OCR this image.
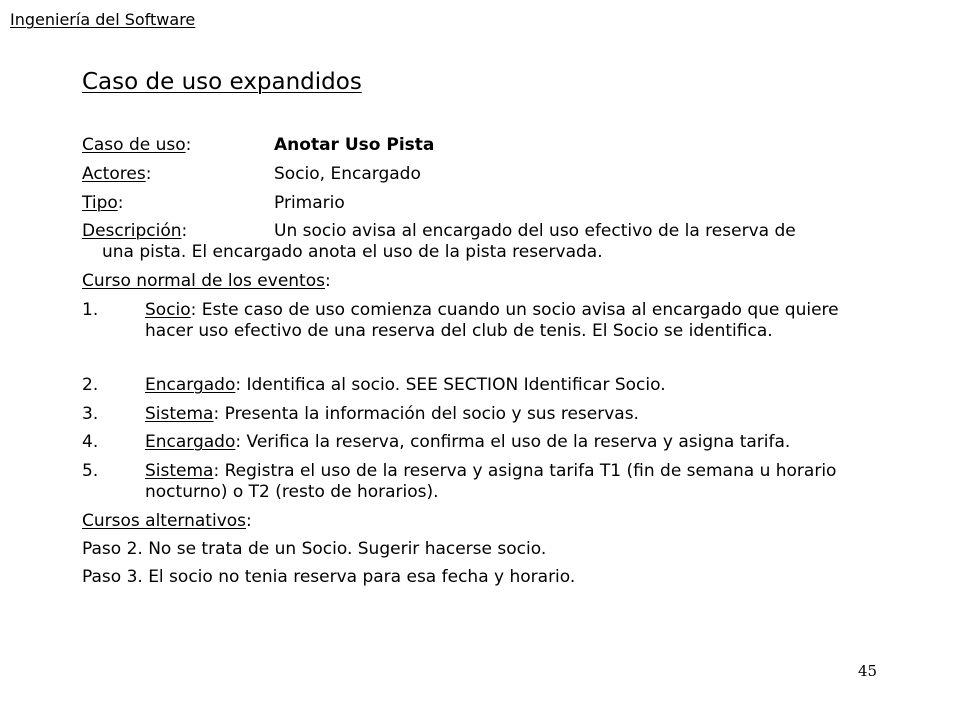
Ingeniería del Software
Caso de uso expandidos
Caso de uso:	Anotar Uso Pista
Actores:	Socio, Encargado
Tipo:	Primario
Descripción:	Un socio avisa al encargado del uso efectivo de la reserva de
una pista. El encargado anota el uso de la pista reservada.
Curso normal de los eventos:
1.	Socio: Este caso de uso comienza cuando un socio avisa al encargado que quiere hacer uso efectivo de una reserva del club de tenis. El Socio se identifica.
2.	Encargado: Identifica al socio. SEE SECTION Identificar Socio.
3.	Sistema: Presenta la información del socio y sus reservas.
4.	Encargado: Verifica la reserva, confirma el uso de la reserva y asigna tarifa.
5.	Sistema: Registra el uso de la reserva y asigna tarifa T1 (fin de semana u horario nocturno) o T2 (resto de horarios).
Cursos alternativos:
Paso 2. No se trata de un Socio. Sugerir hacerse socio.
Paso 3. El socio no tenia reserva para esa fecha y horario.
45
